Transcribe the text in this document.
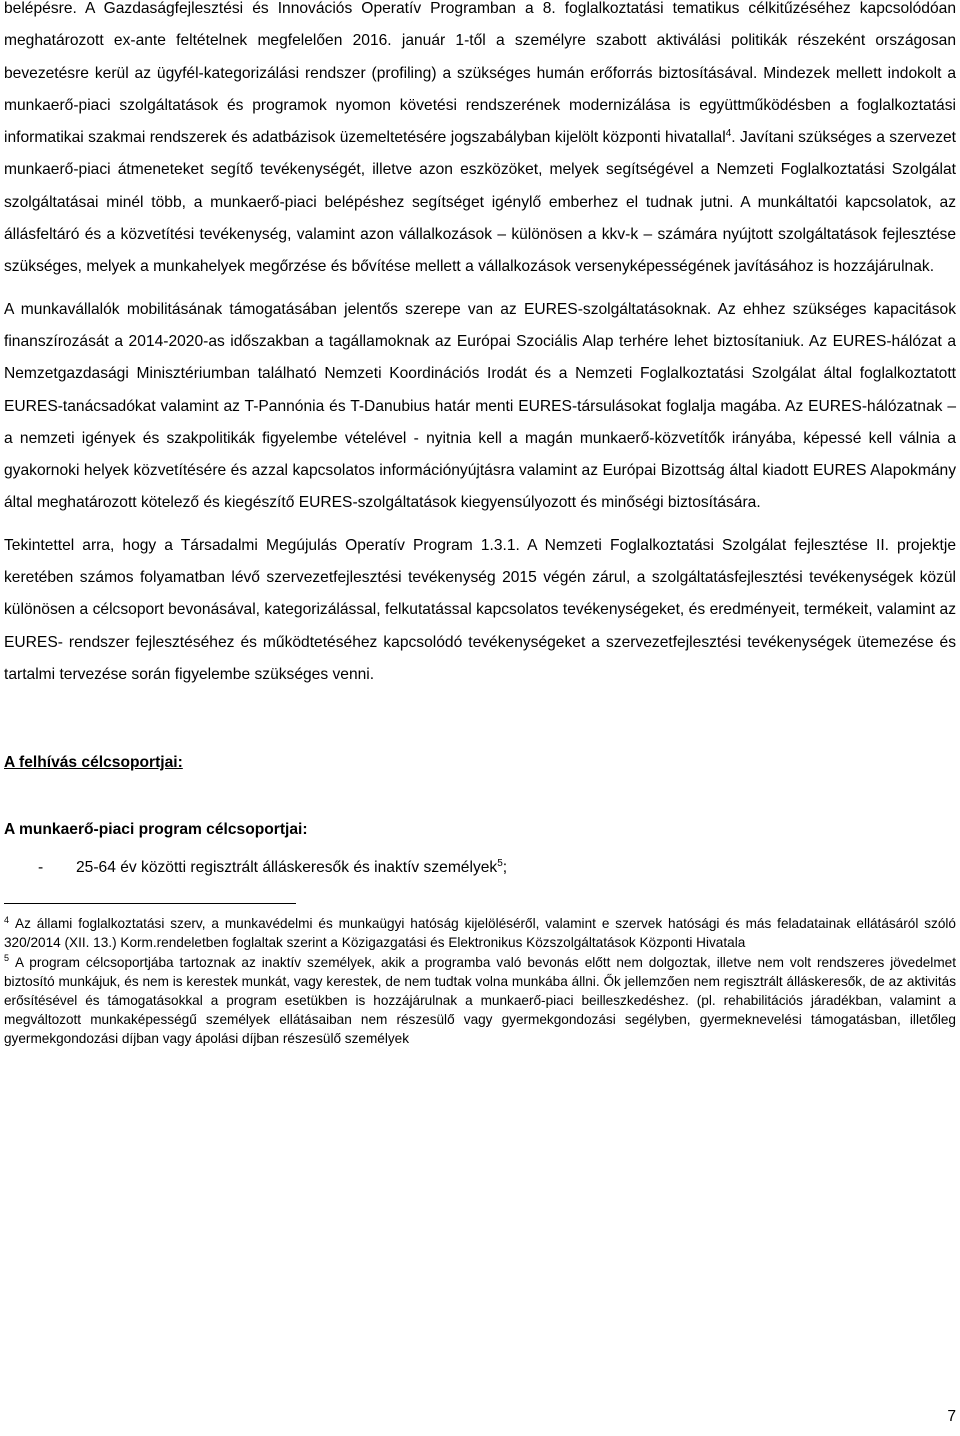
belépésre. A Gazdaságfejlesztési és Innovációs Operatív Programban a 8. foglalkoztatási tematikus célkitűzéséhez kapcsolódóan meghatározott ex-ante feltételnek megfelelően 2016. január 1-től a személyre szabott aktiválási politikák részeként országosan bevezetésre kerül az ügyfél-kategorizálási rendszer (profiling) a szükséges humán erőforrás biztosításával. Mindezek mellett indokolt a munkaerő-piaci szolgáltatások és programok nyomon követési rendszerének modernizálása is együttműködésben a foglalkoztatási informatikai szakmai rendszerek és adatbázisok üzemeltetésére jogszabályban kijelölt központi hivatallal$^4$. Javítani szükséges a szervezet munkaerő-piaci átmeneteket segítő tevékenységét, illetve azon eszközöket, melyek segítségével a Nemzeti Foglalkoztatási Szolgálat szolgáltatásai minél több, a munkaerő-piaci belépéshez segítséget igénylő emberhez el tudnak jutni. A munkáltatói kapcsolatok, az állásfeltáró és a közvetítési tevékenység, valamint azon vállalkozások – különösen a kkv-k – számára nyújtott szolgáltatások fejlesztése szükséges, melyek a munkahelyek megőrzése és bővítése mellett a vállalkozások versenyképességének javításához is hozzájárulnak.

A munkavállalók mobilitásának támogatásában jelentős szerepe van az EURES-szolgáltatásoknak. Az ehhez szükséges kapacitások finanszírozását a 2014-2020-as időszakban a tagállamoknak az Európai Szociális Alap terhére lehet biztosítaniuk. Az EURES-hálózat a Nemzetgazdasági Minisztériumban található Nemzeti Koordinációs Irodát és a Nemzeti Foglalkoztatási Szolgálat által foglalkoztatott EURES-tanácsadókat valamint az T-Pannónia és T-Danubius határ menti EURES-társulásokat foglalja magába. Az EURES-hálózatnak – a nemzeti igények és szakpolitikák figyelembe vételével - nyitnia kell a magán munkaerő-közvetítők irányába, képessé kell válnia a gyakornoki helyek közvetítésére és azzal kapcsolatos információnyújtásra valamint az Európai Bizottság által kiadott EURES Alapokmány által meghatározott kötelező és kiegészítő EURES-szolgáltatások kiegyensúlyozott és minőségi biztosítására.

Tekintettel arra, hogy a Társadalmi Megújulás Operatív Program 1.3.1. A Nemzeti Foglalkoztatási Szolgálat fejlesztése II. projektje keretében számos folyamatban lévő szervezetfejlesztési tevékenység 2015 végén zárul, a szolgáltatásfejlesztési tevékenységek közül különösen a célcsoport bevonásával, kategorizálással, felkutatással kapcsolatos tevékenységeket, és eredményeit, termékeit, valamint az EURES- rendszer fejlesztéséhez és működtetéséhez kapcsolódó tevékenységeket a szervezetfejlesztési tevékenységek ütemezése és tartalmi tervezése során figyelembe szükséges venni.

A felhívás célcsoportjai:

A munkaerő-piaci program célcsoportjai:

-	25-64 év közötti regisztrált álláskeresők és inaktív személyek$^5$;

$^4$ Az állami foglalkoztatási szerv, a munkavédelmi és munkaügyi hatóság kijelöléséről, valamint e szervek hatósági és más feladatainak ellátásáról szóló 320/2014 (XII. 13.) Korm.rendeletben foglaltak szerint a Közigazgatási és Elektronikus Közszolgáltatások Központi Hivatala

$^5$ A program célcsoportjába tartoznak az inaktív személyek, akik a programba való bevonás előtt nem dolgoztak, illetve nem volt rendszeres jövedelmet biztosító munkájuk, és nem is kerestek munkát, vagy kerestek, de nem tudtak volna munkába állni. Ők jellemzően nem regisztrált álláskeresők, de az aktivitás erősítésével és támogatásokkal a program esetükben is hozzájárulnak a munkaerő-piaci beilleszkedéshez. (pl. rehabilitációs járadékban, valamint a megváltozott munkaképességű személyek ellátásaiban nem részesülő vagy gyermekgondozási segélyben, gyermeknevelési támogatásban, illetőleg gyermekgondozási díjban vagy ápolási díjban részesülő személyek

7
